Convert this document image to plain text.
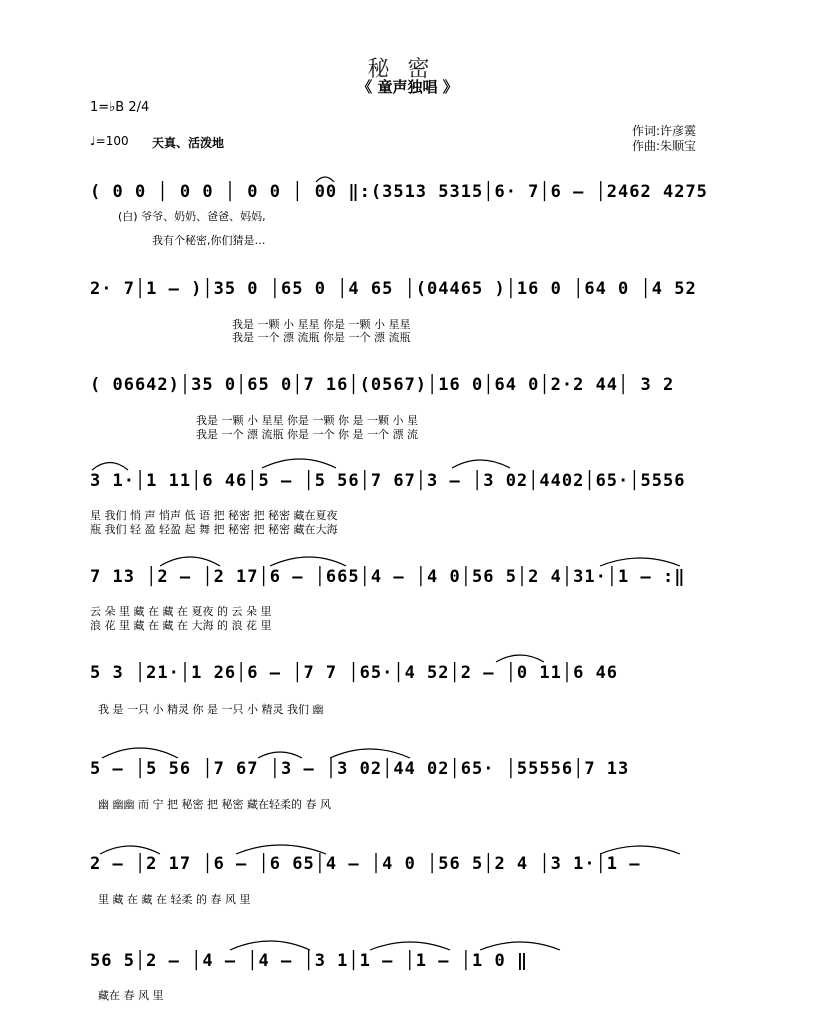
秘密
《 童声独唱 》
1=♭B 2/4
♩=100 天真、活泼地
作词:许彦霙
作曲:朱顺宝
( 0 0 │ 0 0 │ 0 0 │ 00 ‖:(3513 5315│6· 7│6 — │2462 4275
(白) 爷爷、奶奶、爸爸、妈妈,
我有个秘密,你们猜是…
2· 7│1 — )│35 0 │65 0 │4 65 │(04465 )│16 0 │64 0 │4 52
我是 一颗 小 星星 你是 一颗 小 星星
我是 一个 漂 流瓶 你是 一个 漂 流瓶
( 06642)│35 0│65 0│7 16│(0567)│16 0│64 0│2·2 44│ 3 2
我是 一颗 小 星星 你是 一颗 你 是 一颗 小 星
我是 一个 漂 流瓶 你是 一个 你 是 一个 漂 流
3 1·│1 11│6 46│5 — │5 56│7 67│3 — │3 02│4402│65·│5556
星 我们 悄 声 悄声 低 语 把 秘密 把 秘密 藏在夏夜
瓶 我们 轻 盈 轻盈 起 舞 把 秘密 把 秘密 藏在大海
7 13 │2 — │2 17│6 — │665│4 — │4 0│56 5│2 4│31·│1 — :‖
云 朵 里 藏 在 藏 在 夏夜 的 云 朵 里
浪 花 里 藏 在 藏 在 大海 的 浪 花 里
5 3 │21·│1 26│6 — │7 7 │65·│4 52│2 — │0 11│6 46
我 是 一只 小 精灵 你 是 一只 小 精灵 我们 幽
5 — │5 56 │7 67 │3 — │3 02│44 02│65· │55556│7 13
幽 幽幽 而 宁 把 秘密 把 秘密 藏在轻柔的 春 风
2 — │2 17 │6 — │6 65│4 — │4 0 │56 5│2 4 │3 1·│1 —
里 藏 在 藏 在 轻柔 的 春 风 里
56 5│2 — │4 — │4 — │3 1│1 — │1 — │1 0 ‖
藏在 春 风 里
